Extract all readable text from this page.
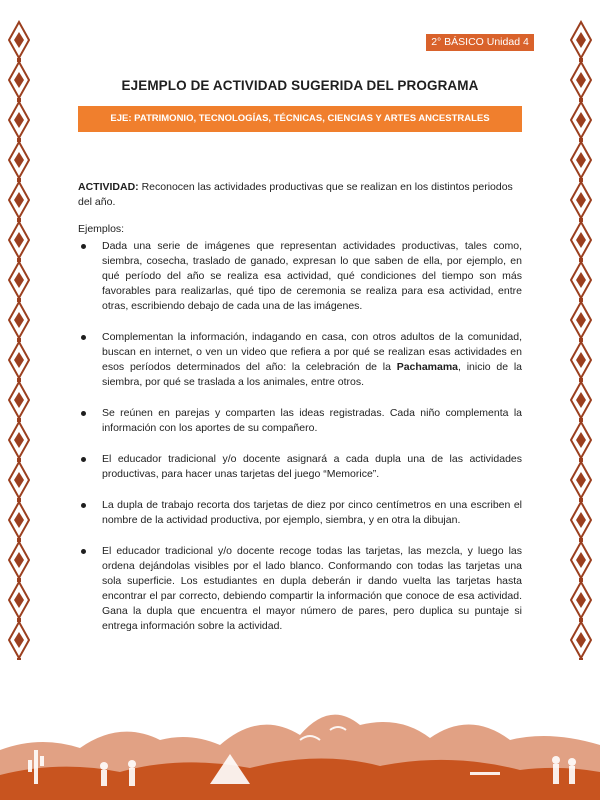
2° BÁSICO Unidad 4
EJEMPLO DE ACTIVIDAD SUGERIDA DEL PROGRAMA
EJE: PATRIMONIO, TECNOLOGÍAS, TÉCNICAS, CIENCIAS Y ARTES ANCESTRALES

ACTIVIDAD: Reconocen las actividades productivas que se realizan en los distintos periodos del año.

Ejemplos:

Dada una serie de imágenes que representan actividades productivas, tales como, siembra, cosecha, traslado de ganado, expresan lo que saben de ella, por ejemplo, en qué período del año se realiza esa actividad, qué condiciones del tiempo son más favorables para realizarlas, qué tipo de ceremonia se realiza para esa actividad, entre otras, escribiendo debajo de cada una de las imágenes.
Complementan la información, indagando en casa, con otros adultos de la comunidad, buscan en internet, o ven un video que refiera a por qué se realizan esas actividades en esos períodos determinados del año: la celebración de la Pachamama, inicio de la siembra, por qué se traslada a los animales, entre otros.
Se reúnen en parejas y comparten las ideas registradas. Cada niño complementa la información con los aportes de su compañero.
El educador tradicional y/o docente asignará a cada dupla una de las actividades productivas, para hacer unas tarjetas del juego “Memorice”.
La dupla de trabajo recorta dos tarjetas de diez por cinco centímetros en una escriben el nombre de la actividad productiva, por ejemplo, siembra, y en otra la dibujan.
El educador tradicional y/o docente recoge todas las tarjetas, las mezcla, y luego las ordena dejándolas visibles por el lado blanco. Conformando con todas las tarjetas una sola superficie. Los estudiantes en dupla deberán ir dando vuelta las tarjetas hasta encontrar el par correcto, debiendo compartir la información que conoce de esa actividad. Gana la dupla que encuentra el mayor número de pares, pero duplica su puntaje si entrega información sobre la actividad.
